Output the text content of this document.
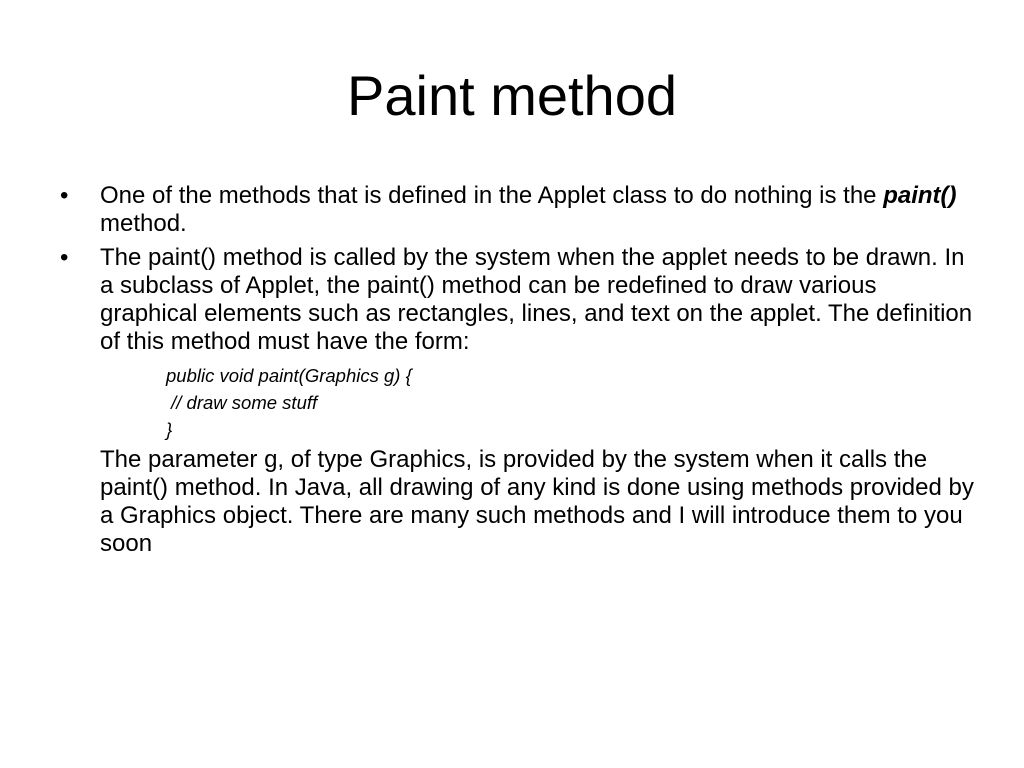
Paint method
•	One of the methods that is defined in the Applet class to do nothing is the paint() method.
•	The paint() method is called by the system when the applet needs to be drawn. In a subclass of Applet, the paint() method can be redefined to draw various graphical elements such as rectangles, lines, and text on the applet. The definition of this method must have the form:
public void paint(Graphics g) {
// draw some stuff
}
The parameter g, of type Graphics, is provided by the system when it calls the paint() method. In Java, all drawing of any kind is done using methods provided by a Graphics object. There are many such methods and I will introduce them to you soon
